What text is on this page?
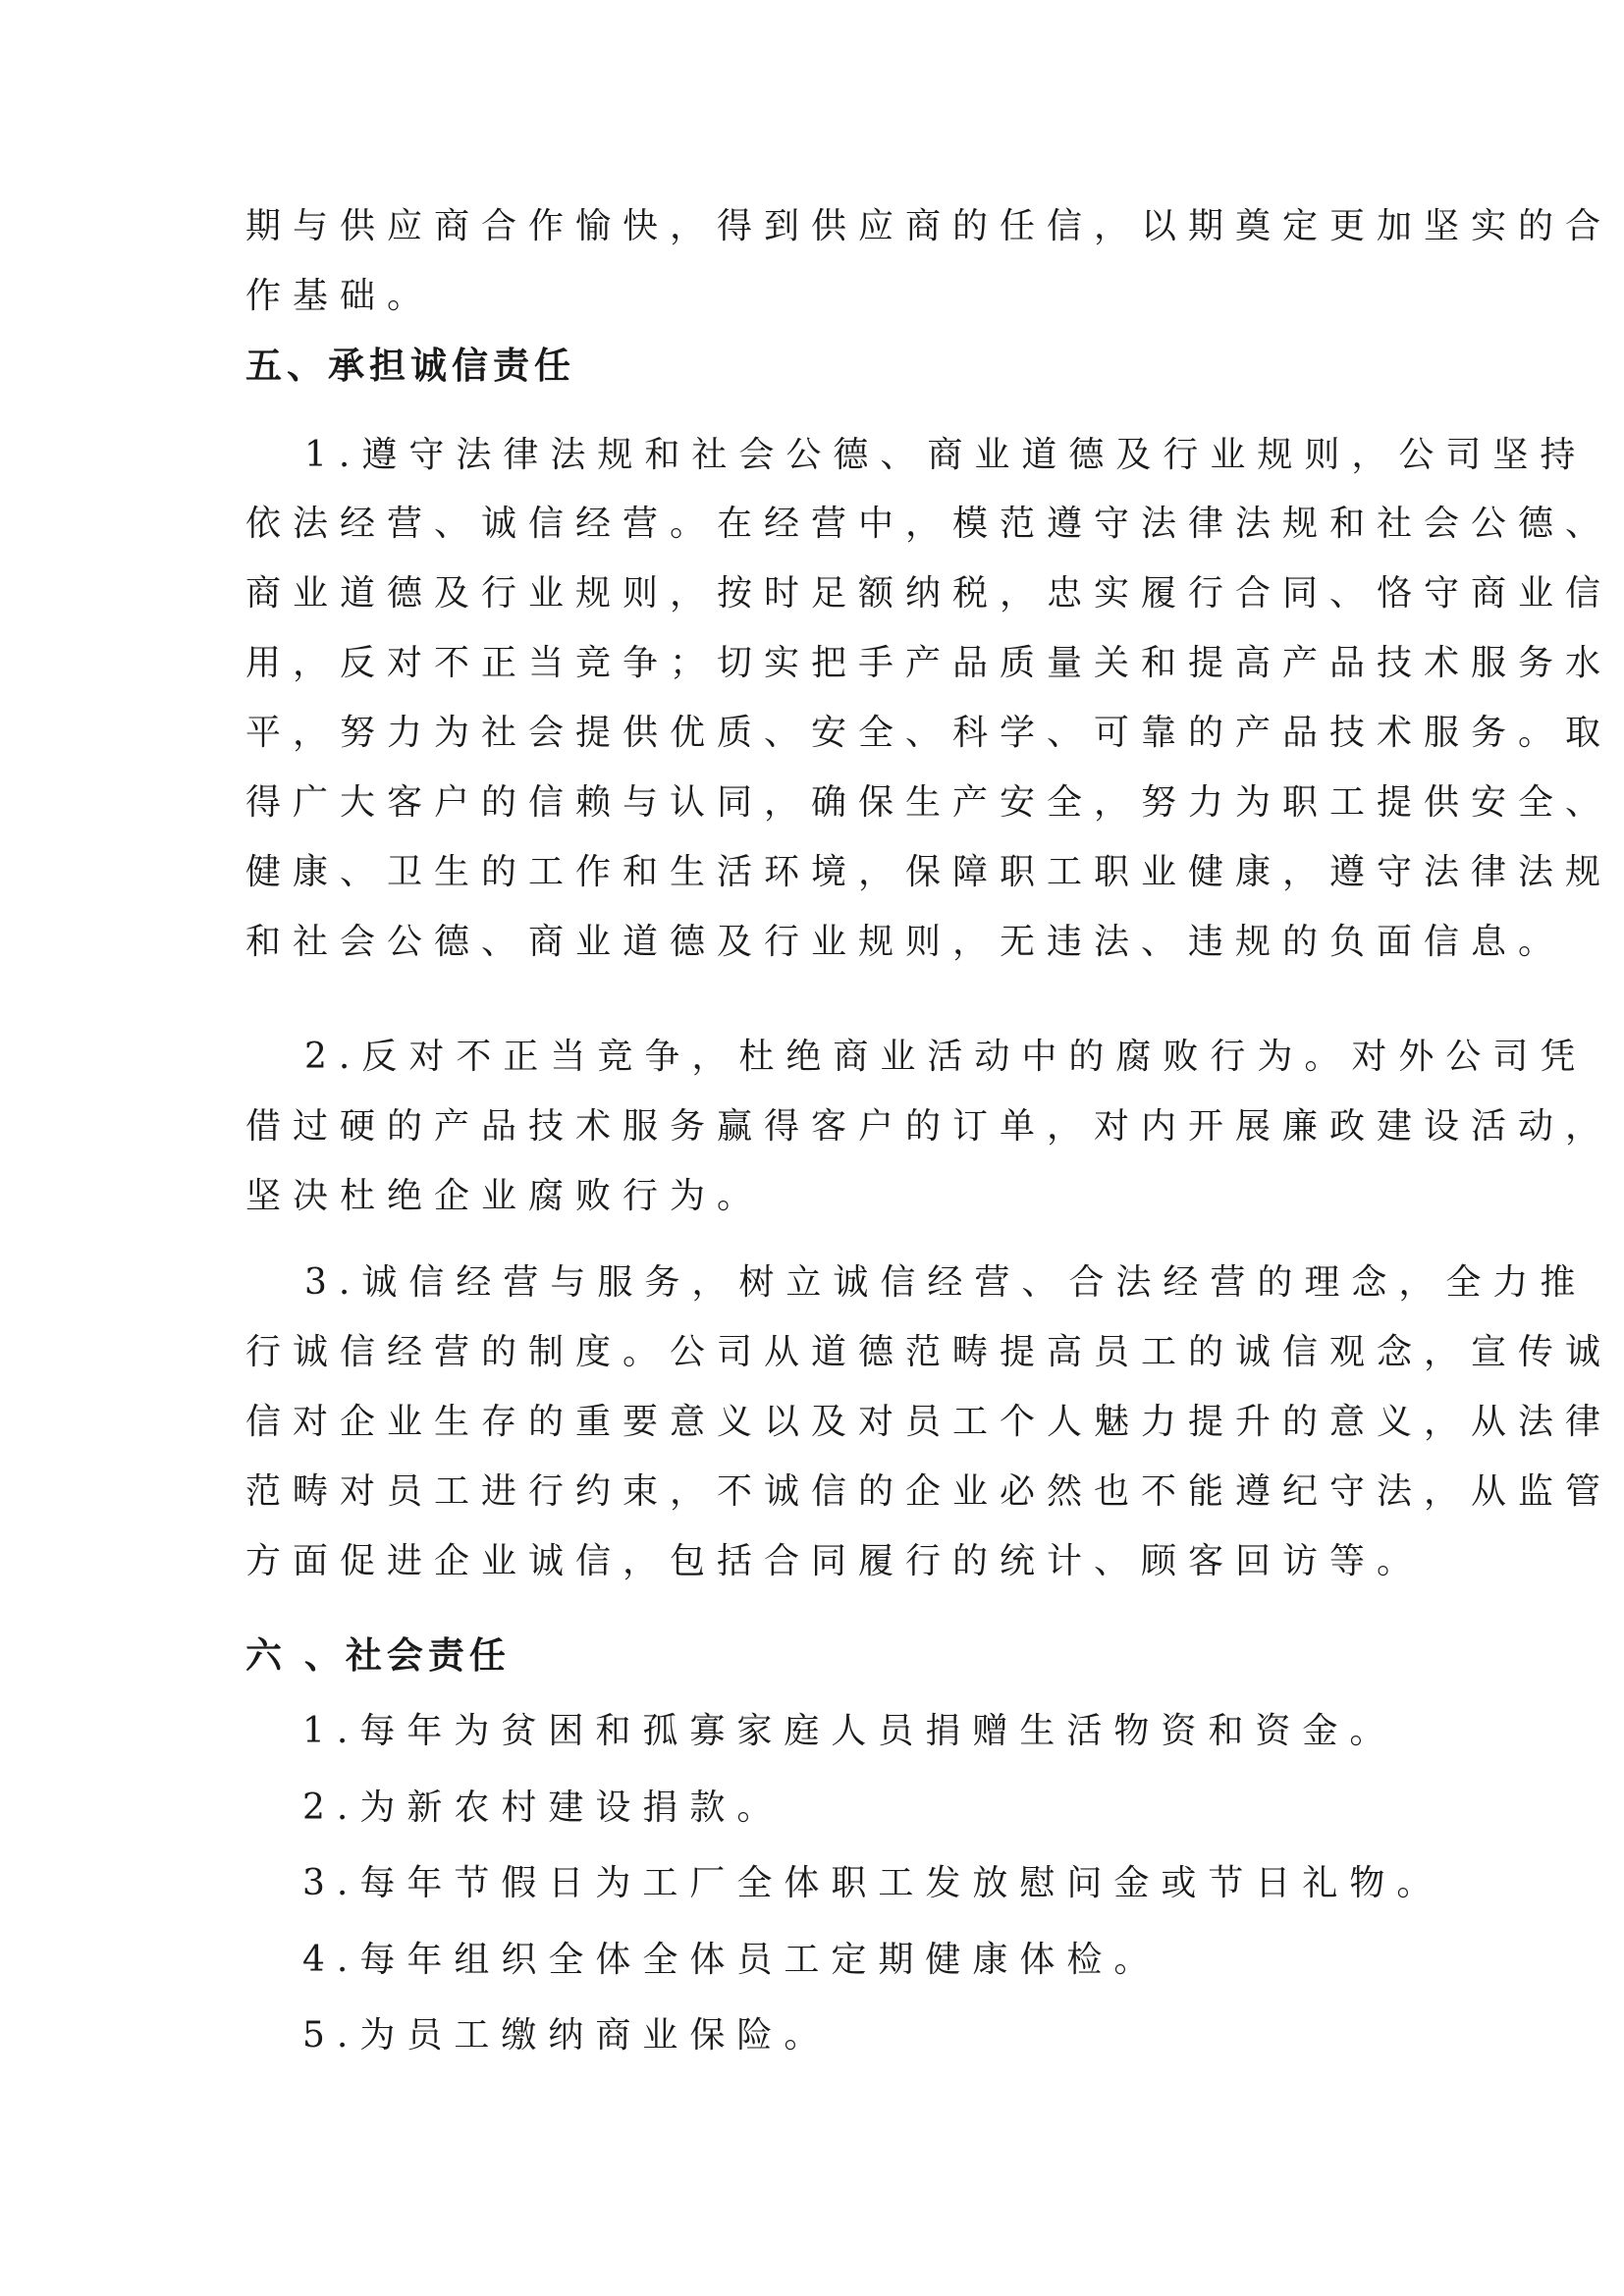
期与供应商合作愉快，得到供应商的任信，以期奠定更加坚实的合

作基础。

五、承担诚信责任

1.遵守法律法规和社会公德、商业道德及行业规则，公司坚持

依法经营、诚信经营。在经营中，模范遵守法律法规和社会公德、

商业道德及行业规则，按时足额纳税，忠实履行合同、恪守商业信

用，反对不正当竞争；切实把手产品质量关和提高产品技术服务水

平，努力为社会提供优质、安全、科学、可靠的产品技术服务。取

得广大客户的信赖与认同，确保生产安全，努力为职工提供安全、

健康、卫生的工作和生活环境，保障职工职业健康，遵守法律法规

和社会公德、商业道德及行业规则，无违法、违规的负面信息。

2.反对不正当竞争，杜绝商业活动中的腐败行为。对外公司凭

借过硬的产品技术服务赢得客户的订单，对内开展廉政建设活动，

坚决杜绝企业腐败行为。

3.诚信经营与服务，树立诚信经营、合法经营的理念，全力推

行诚信经营的制度。公司从道德范畴提高员工的诚信观念，宣传诚

信对企业生存的重要意义以及对员工个人魅力提升的意义，从法律

范畴对员工进行约束，不诚信的企业必然也不能遵纪守法，从监管

方面促进企业诚信，包括合同履行的统计、顾客回访等。

六 、社会责任

1.每年为贫困和孤寡家庭人员捐赠生活物资和资金。

2.为新农村建设捐款。

3.每年节假日为工厂全体职工发放慰问金或节日礼物。

4.每年组织全体全体员工定期健康体检。

5.为员工缴纳商业保险。
